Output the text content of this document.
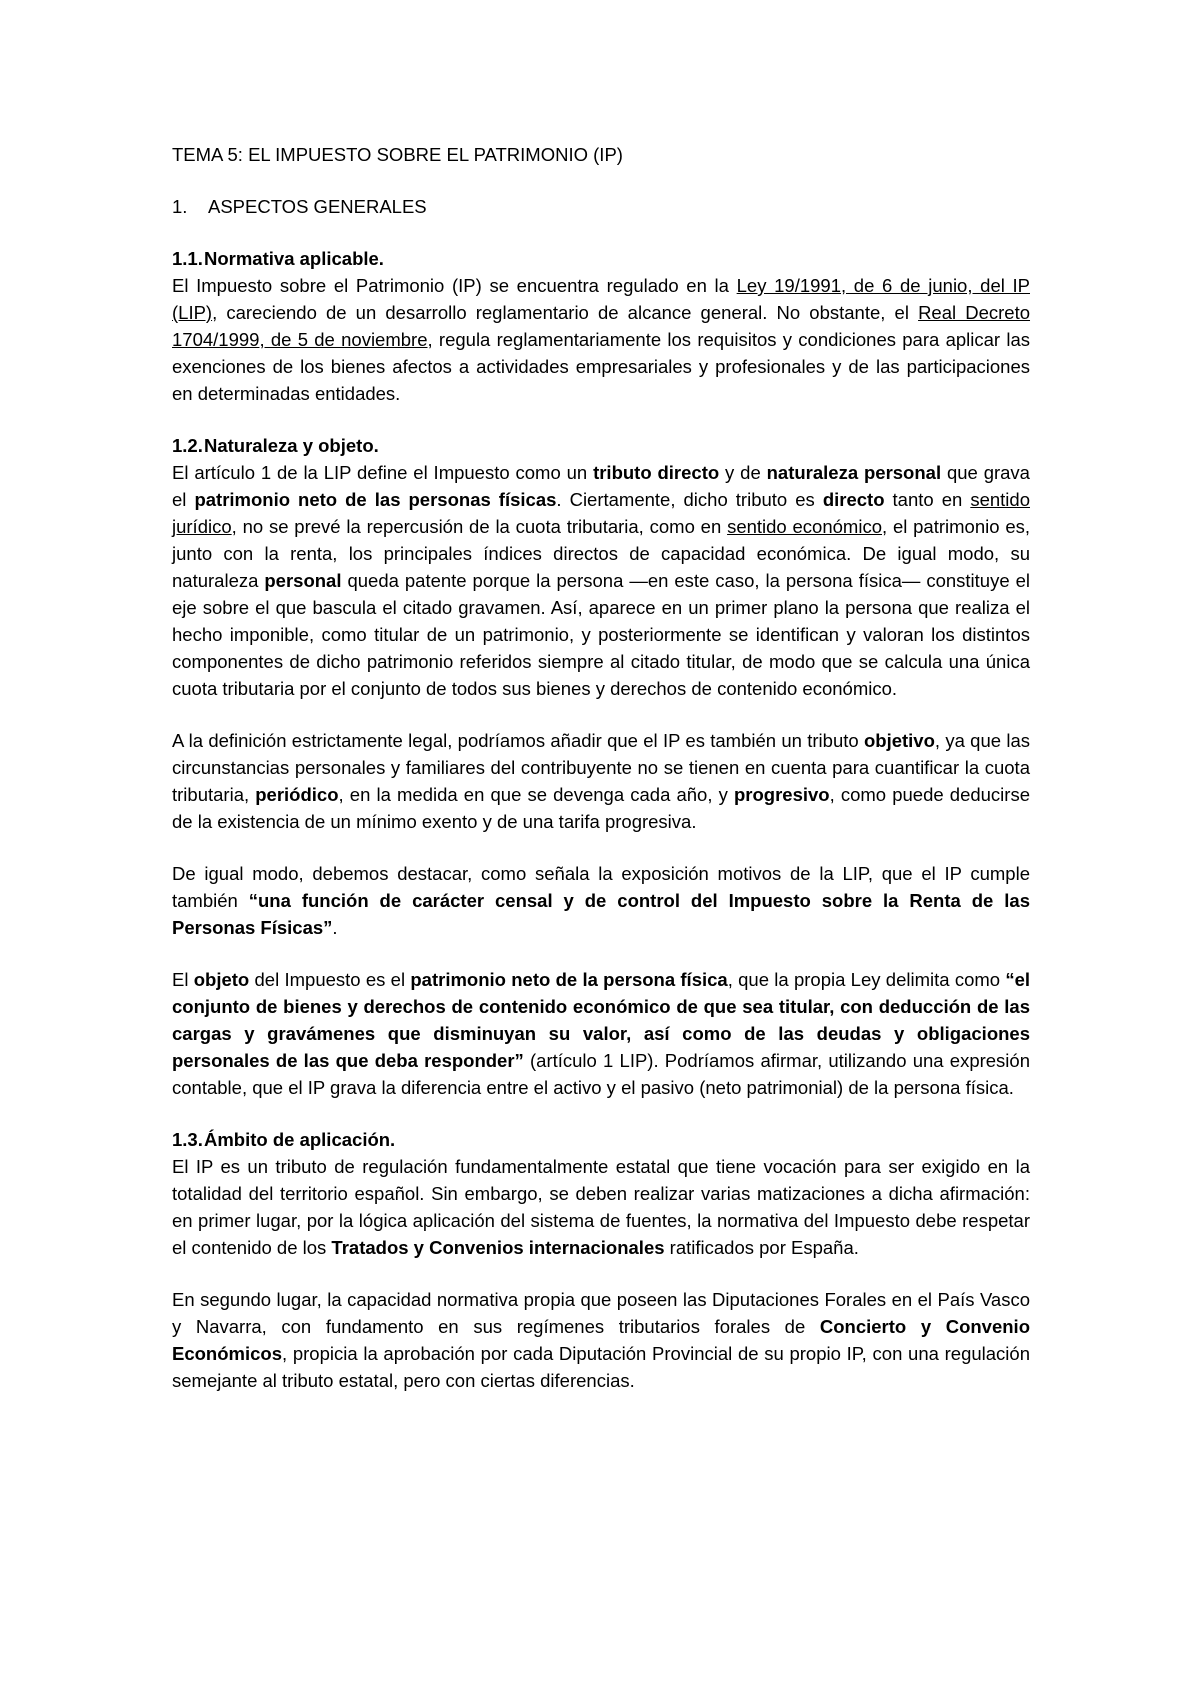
TEMA 5: EL IMPUESTO SOBRE EL PATRIMONIO (IP)
1. ASPECTOS GENERALES
1.1.Normativa aplicable.

El Impuesto sobre el Patrimonio (IP) se encuentra regulado en la Ley 19/1991, de 6 de junio, del IP (LIP), careciendo de un desarrollo reglamentario de alcance general. No obstante, el Real Decreto 1704/1999, de 5 de noviembre, regula reglamentariamente los requisitos y condiciones para aplicar las exenciones de los bienes afectos a actividades empresariales y profesionales y de las participaciones en determinadas entidades.

1.2.Naturaleza y objeto.

El artículo 1 de la LIP define el Impuesto como un tributo directo y de naturaleza personal que grava el patrimonio neto de las personas físicas. Ciertamente, dicho tributo es directo tanto en sentido jurídico, no se prevé la repercusión de la cuota tributaria, como en sentido económico, el patrimonio es, junto con la renta, los principales índices directos de capacidad económica. De igual modo, su naturaleza personal queda patente porque la persona —en este caso, la persona física— constituye el eje sobre el que bascula el citado gravamen. Así, aparece en un primer plano la persona que realiza el hecho imponible, como titular de un patrimonio, y posteriormente se identifican y valoran los distintos componentes de dicho patrimonio referidos siempre al citado titular, de modo que se calcula una única cuota tributaria por el conjunto de todos sus bienes y derechos de contenido económico.

A la definición estrictamente legal, podríamos añadir que el IP es también un tributo objetivo, ya que las circunstancias personales y familiares del contribuyente no se tienen en cuenta para cuantificar la cuota tributaria, periódico, en la medida en que se devenga cada año, y progresivo, como puede deducirse de la existencia de un mínimo exento y de una tarifa progresiva.

De igual modo, debemos destacar, como señala la exposición motivos de la LIP, que el IP cumple también “una función de carácter censal y de control del Impuesto sobre la Renta de las Personas Físicas”.

El objeto del Impuesto es el patrimonio neto de la persona física, que la propia Ley delimita como “el conjunto de bienes y derechos de contenido económico de que sea titular, con deducción de las cargas y gravámenes que disminuyan su valor, así como de las deudas y obligaciones personales de las que deba responder” (artículo 1 LIP). Podríamos afirmar, utilizando una expresión contable, que el IP grava la diferencia entre el activo y el pasivo (neto patrimonial) de la persona física.

1.3.Ámbito de aplicación.

El IP es un tributo de regulación fundamentalmente estatal que tiene vocación para ser exigido en la totalidad del territorio español. Sin embargo, se deben realizar varias matizaciones a dicha afirmación: en primer lugar, por la lógica aplicación del sistema de fuentes, la normativa del Impuesto debe respetar el contenido de los Tratados y Convenios internacionales ratificados por España.

En segundo lugar, la capacidad normativa propia que poseen las Diputaciones Forales en el País Vasco y Navarra, con fundamento en sus regímenes tributarios forales de Concierto y Convenio Económicos, propicia la aprobación por cada Diputación Provincial de su propio IP, con una regulación semejante al tributo estatal, pero con ciertas diferencias.
